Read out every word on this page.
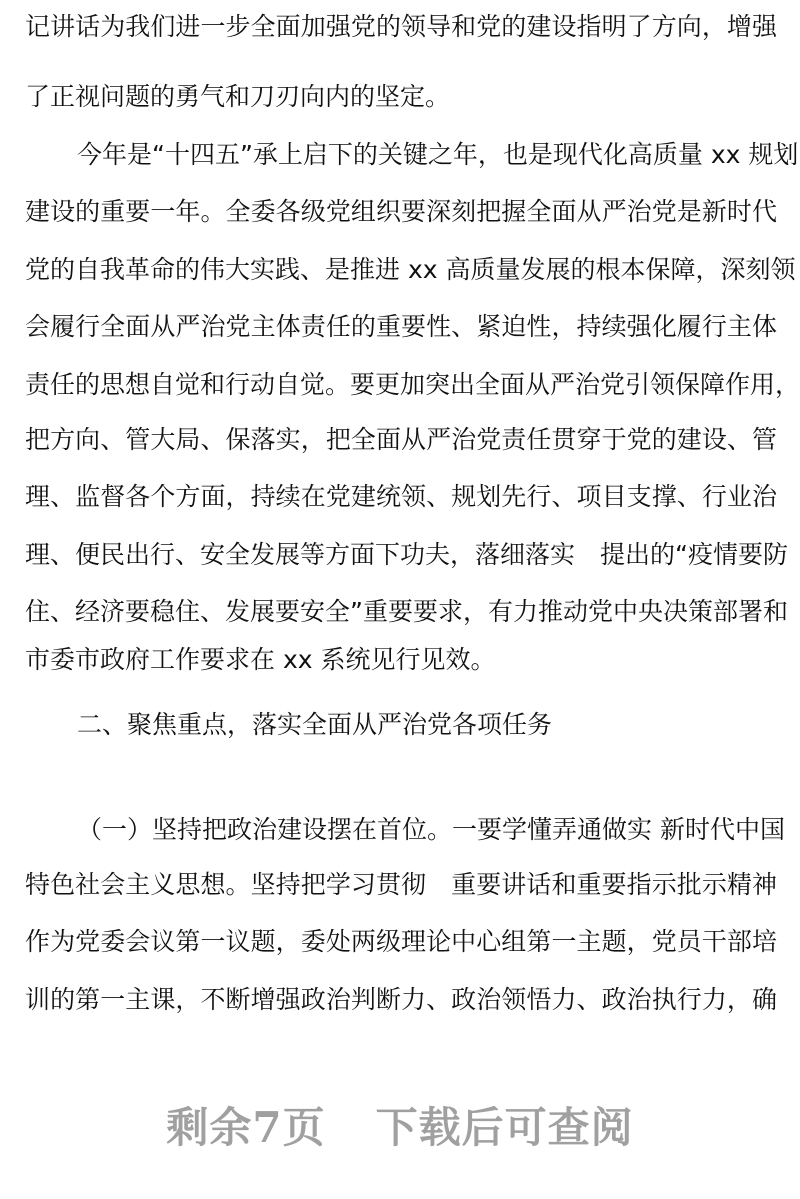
记讲话为我们进一步全面加强党的领导和党的建设指明了方向，增强
了正视问题的勇气和刀刃向内的坚定。
今年是“十四五”承上启下的关键之年，也是现代化高质量 xx 规划
建设的重要一年。全委各级党组织要深刻把握全面从严治党是新时代
党的自我革命的伟大实践、是推进 xx 高质量发展的根本保障，深刻领
会履行全面从严治党主体责任的重要性、紧迫性，持续强化履行主体
责任的思想自觉和行动自觉。要更加突出全面从严治党引领保障作用，
把方向、管大局、保落实，把全面从严治党责任贯穿于党的建设、管
理、监督各个方面，持续在党建统领、规划先行、项目支撑、行业治
理、便民出行、安全发展等方面下功夫，落细落实　提出的“疫情要防
住、经济要稳住、发展要安全”重要要求，有力推动党中央决策部署和
市委市政府工作要求在 xx 系统见行见效。
二、聚焦重点，落实全面从严治党各项任务
（一）坚持把政治建设摆在首位。一要学懂弄通做实 新时代中国
特色社会主义思想。坚持把学习贯彻　重要讲话和重要指示批示精神
作为党委会议第一议题，委处两级理论中心组第一主题，党员干部培
训的第一主课，不断增强政治判断力、政治领悟力、政治执行力，确
剩余7页 下载后可查阅
